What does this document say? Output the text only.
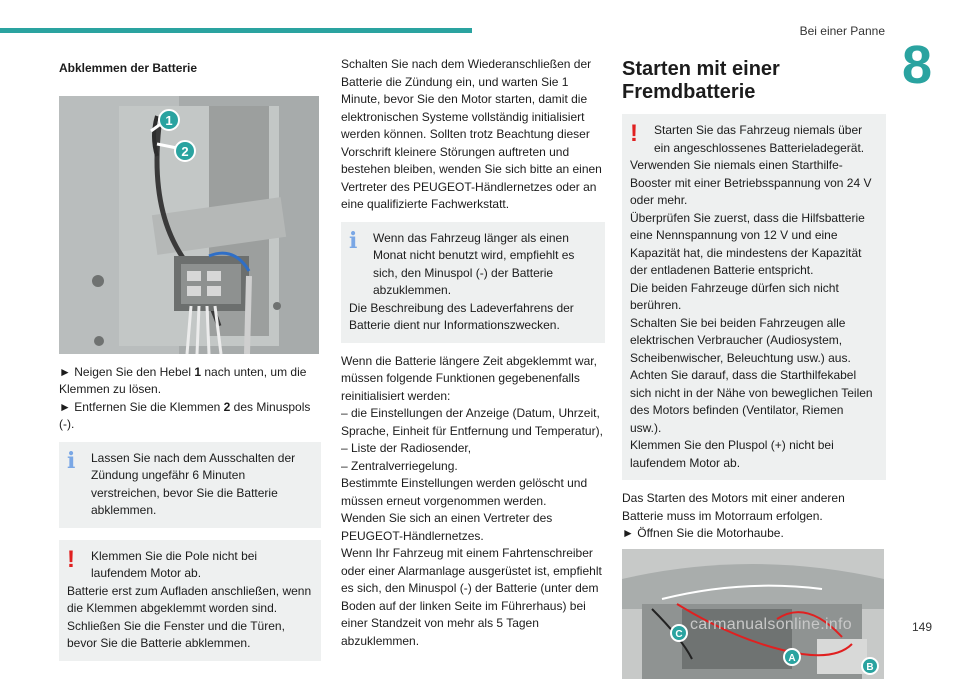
Bei einer Panne
8
Abklemmen der Batterie
1
2
► Neigen Sie den Hebel 1 nach unten, um die Klemmen zu lösen.
► Entfernen Sie die Klemmen 2 des Minuspols (-).
i	Lassen Sie nach dem Ausschalten der Zündung ungefähr 6 Minuten verstreichen, bevor Sie die Batterie abklemmen.

!	Klemmen Sie die Pole nicht bei laufendem Motor ab.

Batterie erst zum Aufladen anschließen, wenn die Klemmen abgeklemmt worden sind.

Schließen Sie die Fenster und die Türen, bevor Sie die Batterie abklemmen.

Schalten Sie nach dem Wiederanschließen der Batterie die Zündung ein, und warten Sie 1 Minute, bevor Sie den Motor starten, damit die elektronischen Systeme vollständig initialisiert werden können. Sollten trotz Beachtung dieser Vorschrift kleinere Störungen auftreten und bestehen bleiben, wenden Sie sich bitte an einen Vertreter des PEUGEOT-Händlernetzes oder an eine qualifizierte Fachwerkstatt.

i	Wenn das Fahrzeug länger als einen Monat nicht benutzt wird, empfiehlt es sich, den Minuspol (-) der Batterie abzuklemmen.

Die Beschreibung des Ladeverfahrens der Batterie dient nur Informationszwecken.

Wenn die Batterie längere Zeit abgeklemmt war, müssen folgende Funktionen gegebenenfalls reinitialisiert werden:

– die Einstellungen der Anzeige (Datum, Uhrzeit, Sprache, Einheit für Entfernung und Temperatur),

– Liste der Radiosender,

– Zentralverriegelung.

Bestimmte Einstellungen werden gelöscht und müssen erneut vorgenommen werden.

Wenden Sie sich an einen Vertreter des PEUGEOT-Händlernetzes.

Wenn Ihr Fahrzeug mit einem Fahrtenschreiber oder einer Alarmanlage ausgerüstet ist, empfiehlt es sich, den Minuspol (-) der Batterie (unter dem Boden auf der linken Seite im Führerhaus) bei einer Standzeit von mehr als 5 Tagen abzuklemmen.

Starten mit einer Fremdbatterie
!	Starten Sie das Fahrzeug niemals über ein angeschlossenes Batterieladegerät.

Verwenden Sie niemals einen Starthilfe-Booster mit einer Betriebsspannung von 24 V oder mehr.

Überprüfen Sie zuerst, dass die Hilfsbatterie eine Nennspannung von 12 V und eine Kapazität hat, die mindestens der Kapazität der entladenen Batterie entspricht.

Die beiden Fahrzeuge dürfen sich nicht berühren.

Schalten Sie bei beiden Fahrzeugen alle elektrischen Verbraucher (Audiosystem, Scheibenwischer, Beleuchtung usw.) aus.

Achten Sie darauf, dass die Starthilfekabel sich nicht in der Nähe von beweglichen Teilen des Motors befinden (Ventilator, Riemen usw.).

Klemmen Sie den Pluspol (+) nicht bei laufendem Motor ab.

Das Starten des Motors mit einer anderen Batterie muss im Motorraum erfolgen.

► Öffnen Sie die Motorhaube.
C
A
B
carmanualsonline.info	149
